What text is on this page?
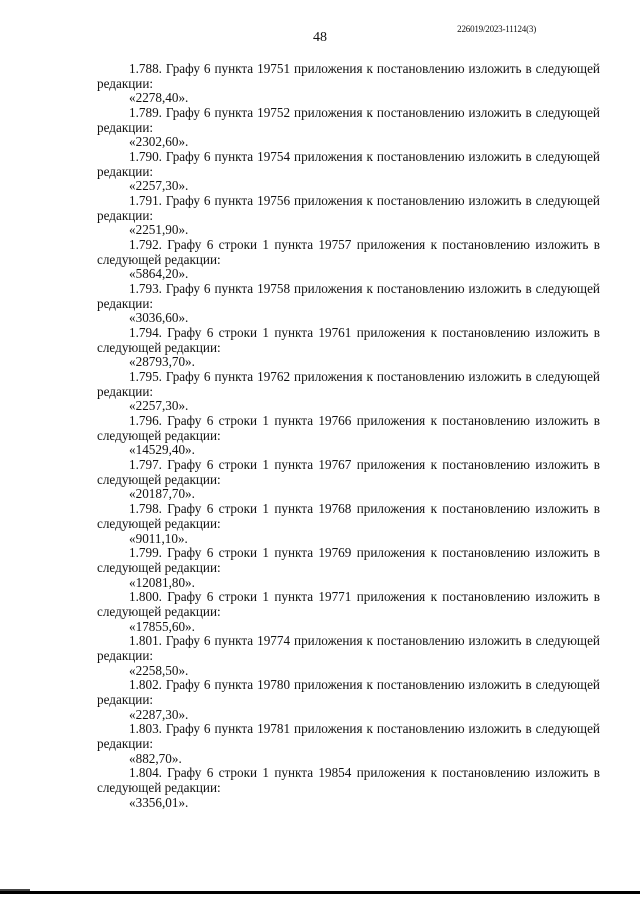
48
226019/2023-11124(3)

1.788. Графу 6 пункта 19751 приложения к постановлению изложить в следующей редакции:

«2278,40».

1.789. Графу 6 пункта 19752 приложения к постановлению изложить в следующей редакции:

«2302,60».

1.790. Графу 6 пункта 19754 приложения к постановлению изложить в следующей редакции:

«2257,30».

1.791. Графу 6 пункта 19756 приложения к постановлению изложить в следующей редакции:

«2251,90».

1.792. Графу 6 строки 1 пункта 19757 приложения к постановлению изложить в следующей редакции:

«5864,20».

1.793. Графу 6 пункта 19758 приложения к постановлению изложить в следующей редакции:

«3036,60».

1.794. Графу 6 строки 1 пункта 19761 приложения к постановлению изложить в следующей редакции:

«28793,70».

1.795. Графу 6 пункта 19762 приложения к постановлению изложить в следующей редакции:

«2257,30».

1.796. Графу 6 строки 1 пункта 19766 приложения к постановлению изложить в следующей редакции:

«14529,40».

1.797. Графу 6 строки 1 пункта 19767 приложения к постановлению изложить в следующей редакции:

«20187,70».

1.798. Графу 6 строки 1 пункта 19768 приложения к постановлению изложить в следующей редакции:

«9011,10».

1.799. Графу 6 строки 1 пункта 19769 приложения к постановлению изложить в следующей редакции:

«12081,80».

1.800. Графу 6 строки 1 пункта 19771 приложения к постановлению изложить в следующей редакции:

«17855,60».

1.801. Графу 6 пункта 19774 приложения к постановлению изложить в следующей редакции:

«2258,50».

1.802. Графу 6 пункта 19780 приложения к постановлению изложить в следующей редакции:

«2287,30».

1.803. Графу 6 пункта 19781 приложения к постановлению изложить в следующей редакции:

«882,70».

1.804. Графу 6 строки 1 пункта 19854 приложения к постановлению изложить в следующей редакции:

«3356,01».
